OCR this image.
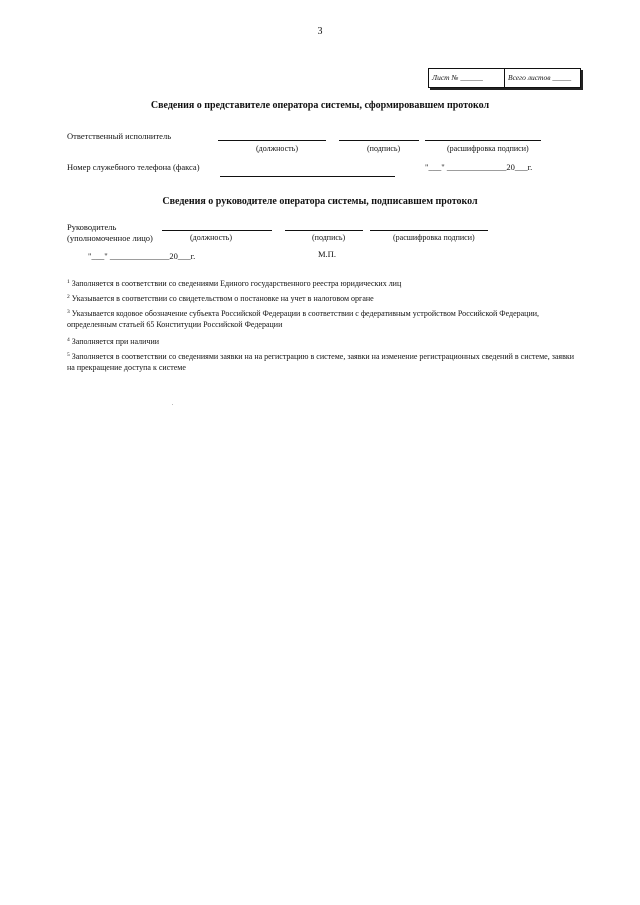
3
Лист № ______	Всего листов _____
Сведения о представителе оператора системы, сформировавшем протокол
Ответственный исполнитель
(должность)	(подпись)	(расшифровка подписи)
Номер служебного телефона (факса)	"___" ______________20___г.
Сведения о руководителе оператора системы, подписавшем протокол
Руководитель
(уполномоченное лицо)	(должность)	(подпись)	(расшифровка подписи)
"___" ______________20___г.	М.П.
$^1$ Заполняется в соответствии со сведениями Единого государственного реестра юридических лиц
$^2$ Указывается в соответствии со свидетельством о постановке на учет в налоговом органе
$^3$ Указывается кодовое обозначение субъекта Российской Федерации в соответствии с федеративным устройством Российской Федерации, определенным статьей 65 Конституции Российской Федерации
$^4$ Заполняется при наличии
$^5$ Заполняется в соответствии со сведениями заявки на на регистрацию в системе, заявки на изменение регистрационных сведений в системе, заявки на прекращение доступа к системе
